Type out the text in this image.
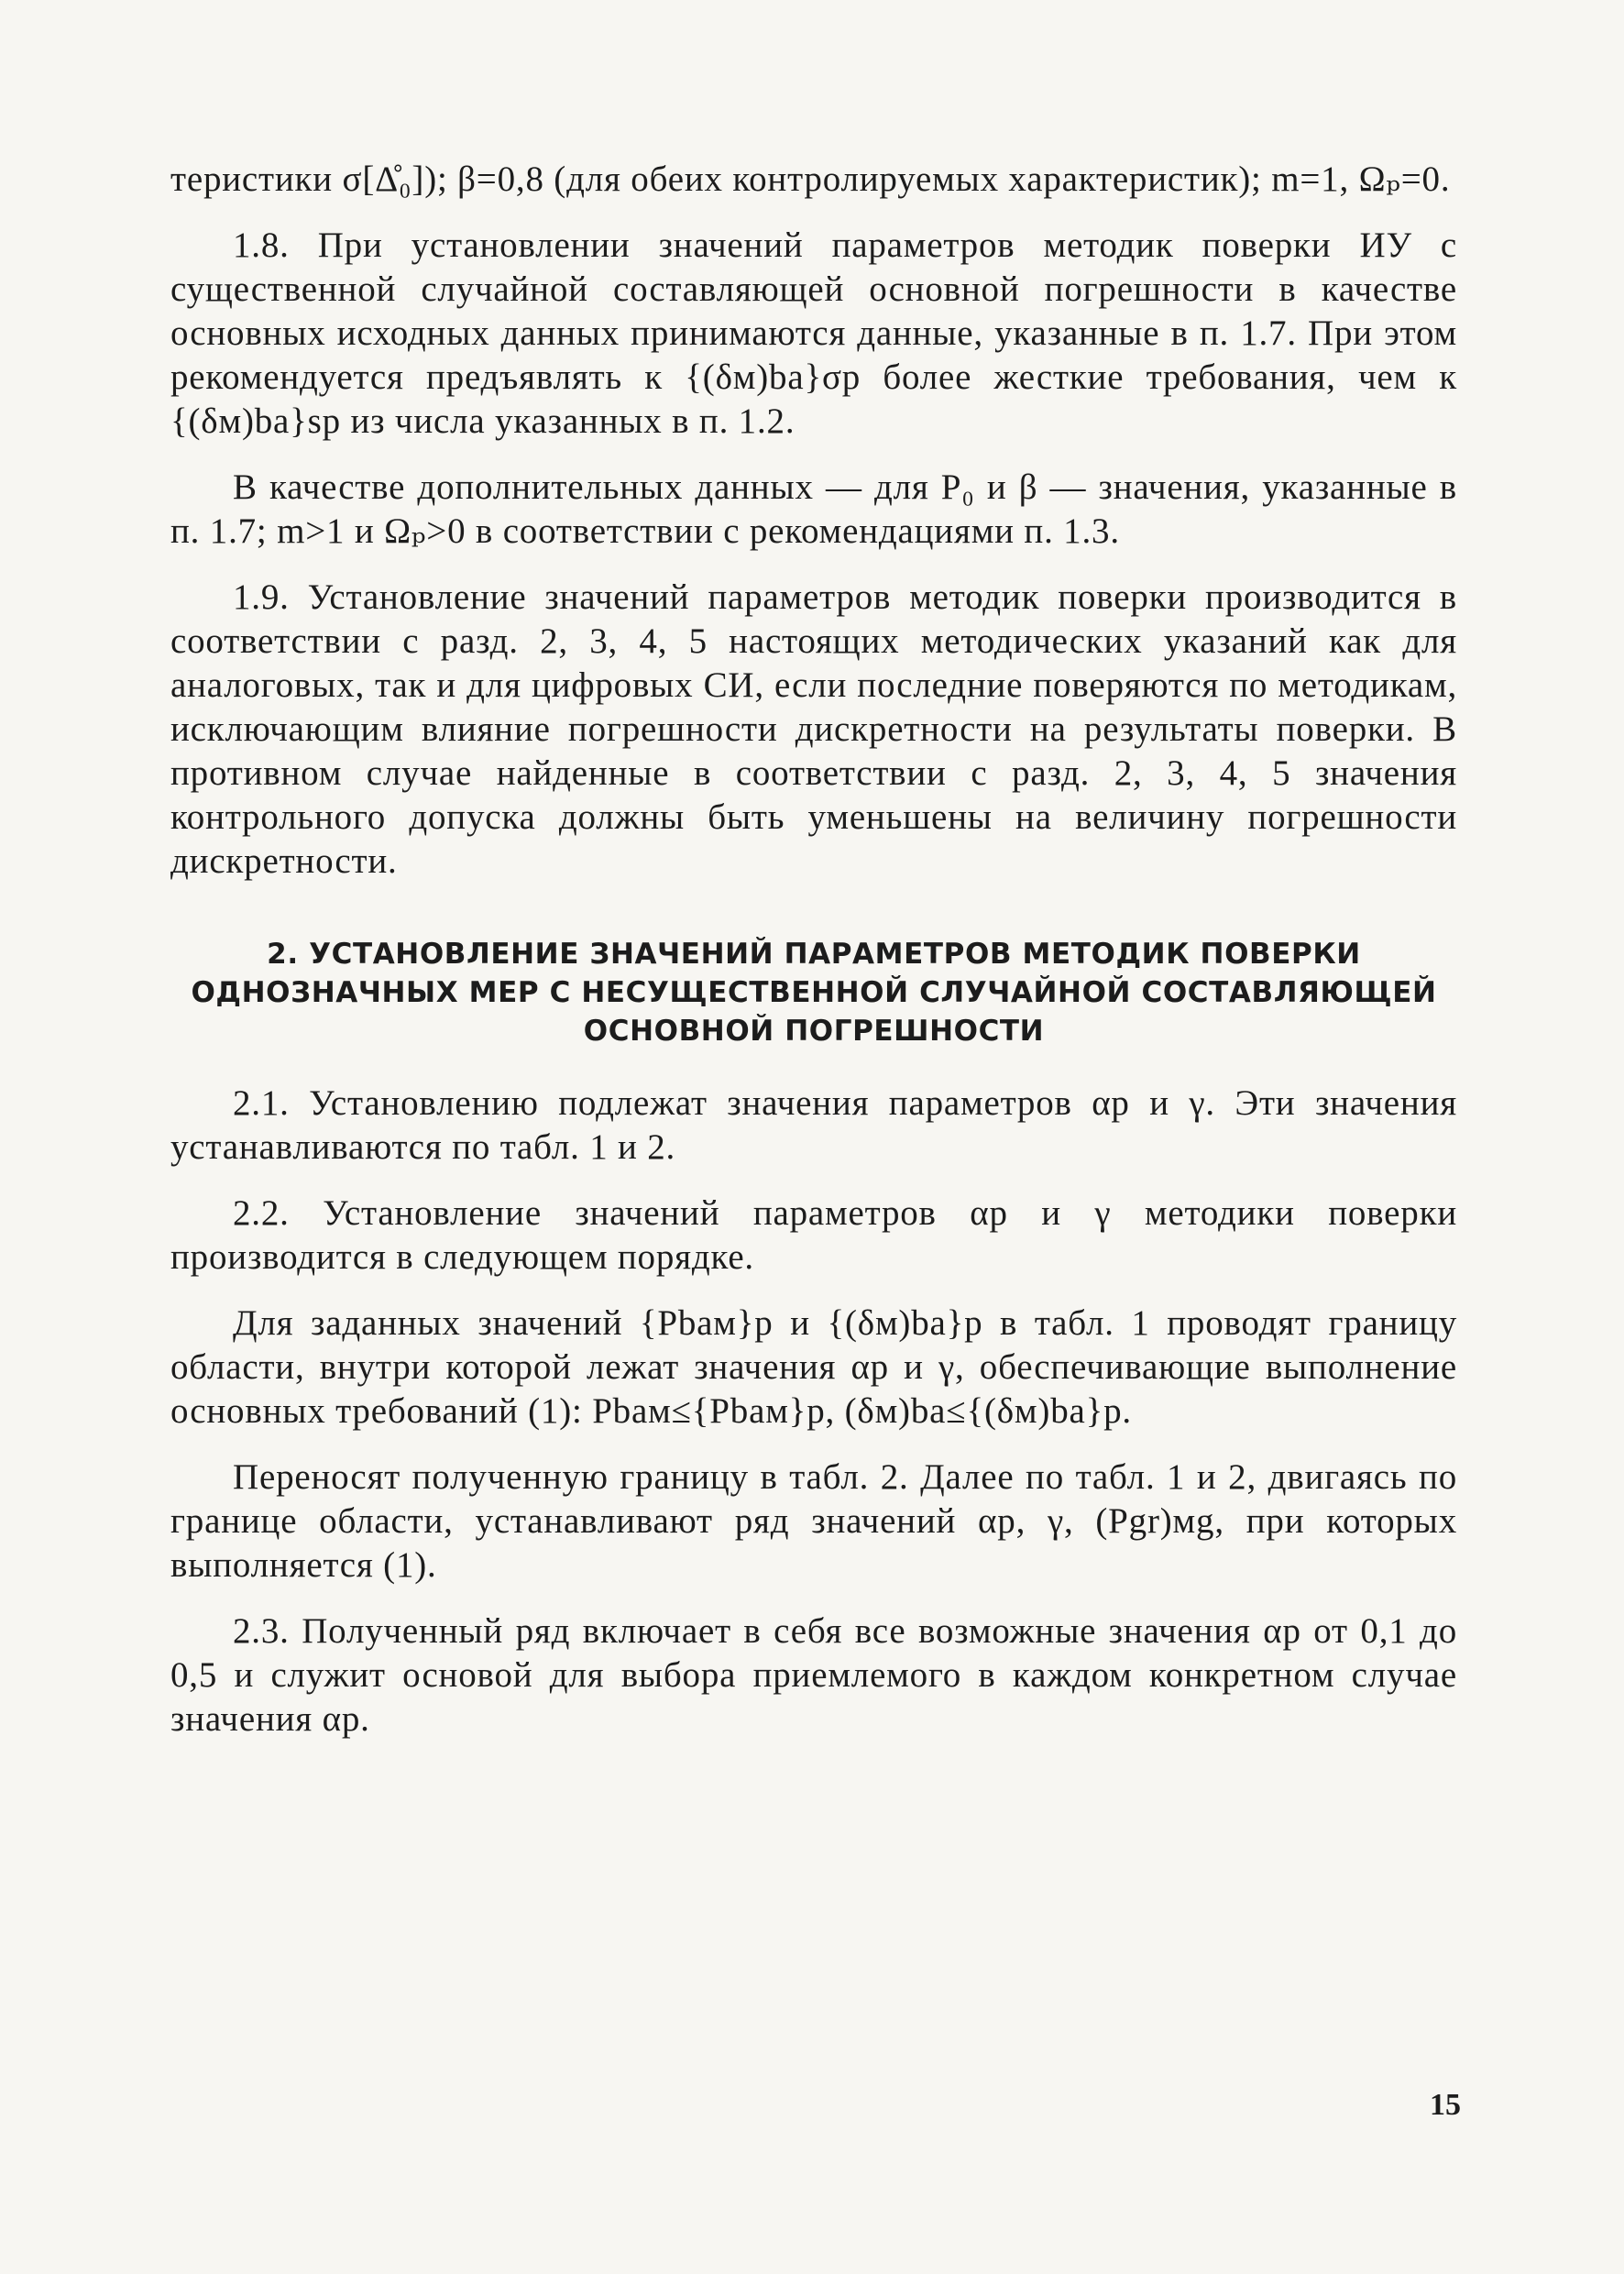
теристики σ[Δ̊₀]); β=0,8 (для обеих контролируемых характеристик); m=1, Ωₚ=0.

1.8. При установлении значений параметров методик поверки ИУ с существенной случайной составляющей основной погрешности в качестве основных исходных данных принимаются данные, указанные в п. 1.7. При этом рекомендуется предъявлять к {(δм)ba}σp более жесткие требования, чем к {(δм)ba}sp из числа указанных в п. 1.2.

В качестве дополнительных данных — для P₀ и β — значения, указанные в п. 1.7; m>1 и Ωₚ>0 в соответствии с рекомендациями п. 1.3.

1.9. Установление значений параметров методик поверки производится в соответствии с разд. 2, 3, 4, 5 настоящих методических указаний как для аналоговых, так и для цифровых СИ, если последние поверяются по методикам, исключающим влияние погрешности дискретности на результаты поверки. В противном случае найденные в соответствии с разд. 2, 3, 4, 5 значения контрольного допуска должны быть уменьшены на величину погрешности дискретности.

2. УСТАНОВЛЕНИЕ ЗНАЧЕНИЙ ПАРАМЕТРОВ МЕТОДИК ПОВЕРКИ
ОДНОЗНАЧНЫХ МЕР С НЕСУЩЕСТВЕННОЙ СЛУЧАЙНОЙ СОСТАВЛЯЮЩЕЙ
ОСНОВНОЙ ПОГРЕШНОСТИ

2.1. Установлению подлежат значения параметров αp и γ. Эти значения устанавливаются по табл. 1 и 2.

2.2. Установление значений параметров αp и γ методики поверки производится в следующем порядке.

Для заданных значений {Pbaм}p и {(δм)ba}p в табл. 1 проводят границу области, внутри которой лежат значения αp и γ, обеспечивающие выполнение основных требований (1): Pbaм≤{Pbaм}p, (δм)ba≤{(δм)ba}p.

Переносят полученную границу в табл. 2. Далее по табл. 1 и 2, двигаясь по границе области, устанавливают ряд значений αp, γ, (Pgr)мg, при которых выполняется (1).

2.3. Полученный ряд включает в себя все возможные значения αp от 0,1 до 0,5 и служит основой для выбора приемлемого в каждом конкретном случае значения αp.

15
